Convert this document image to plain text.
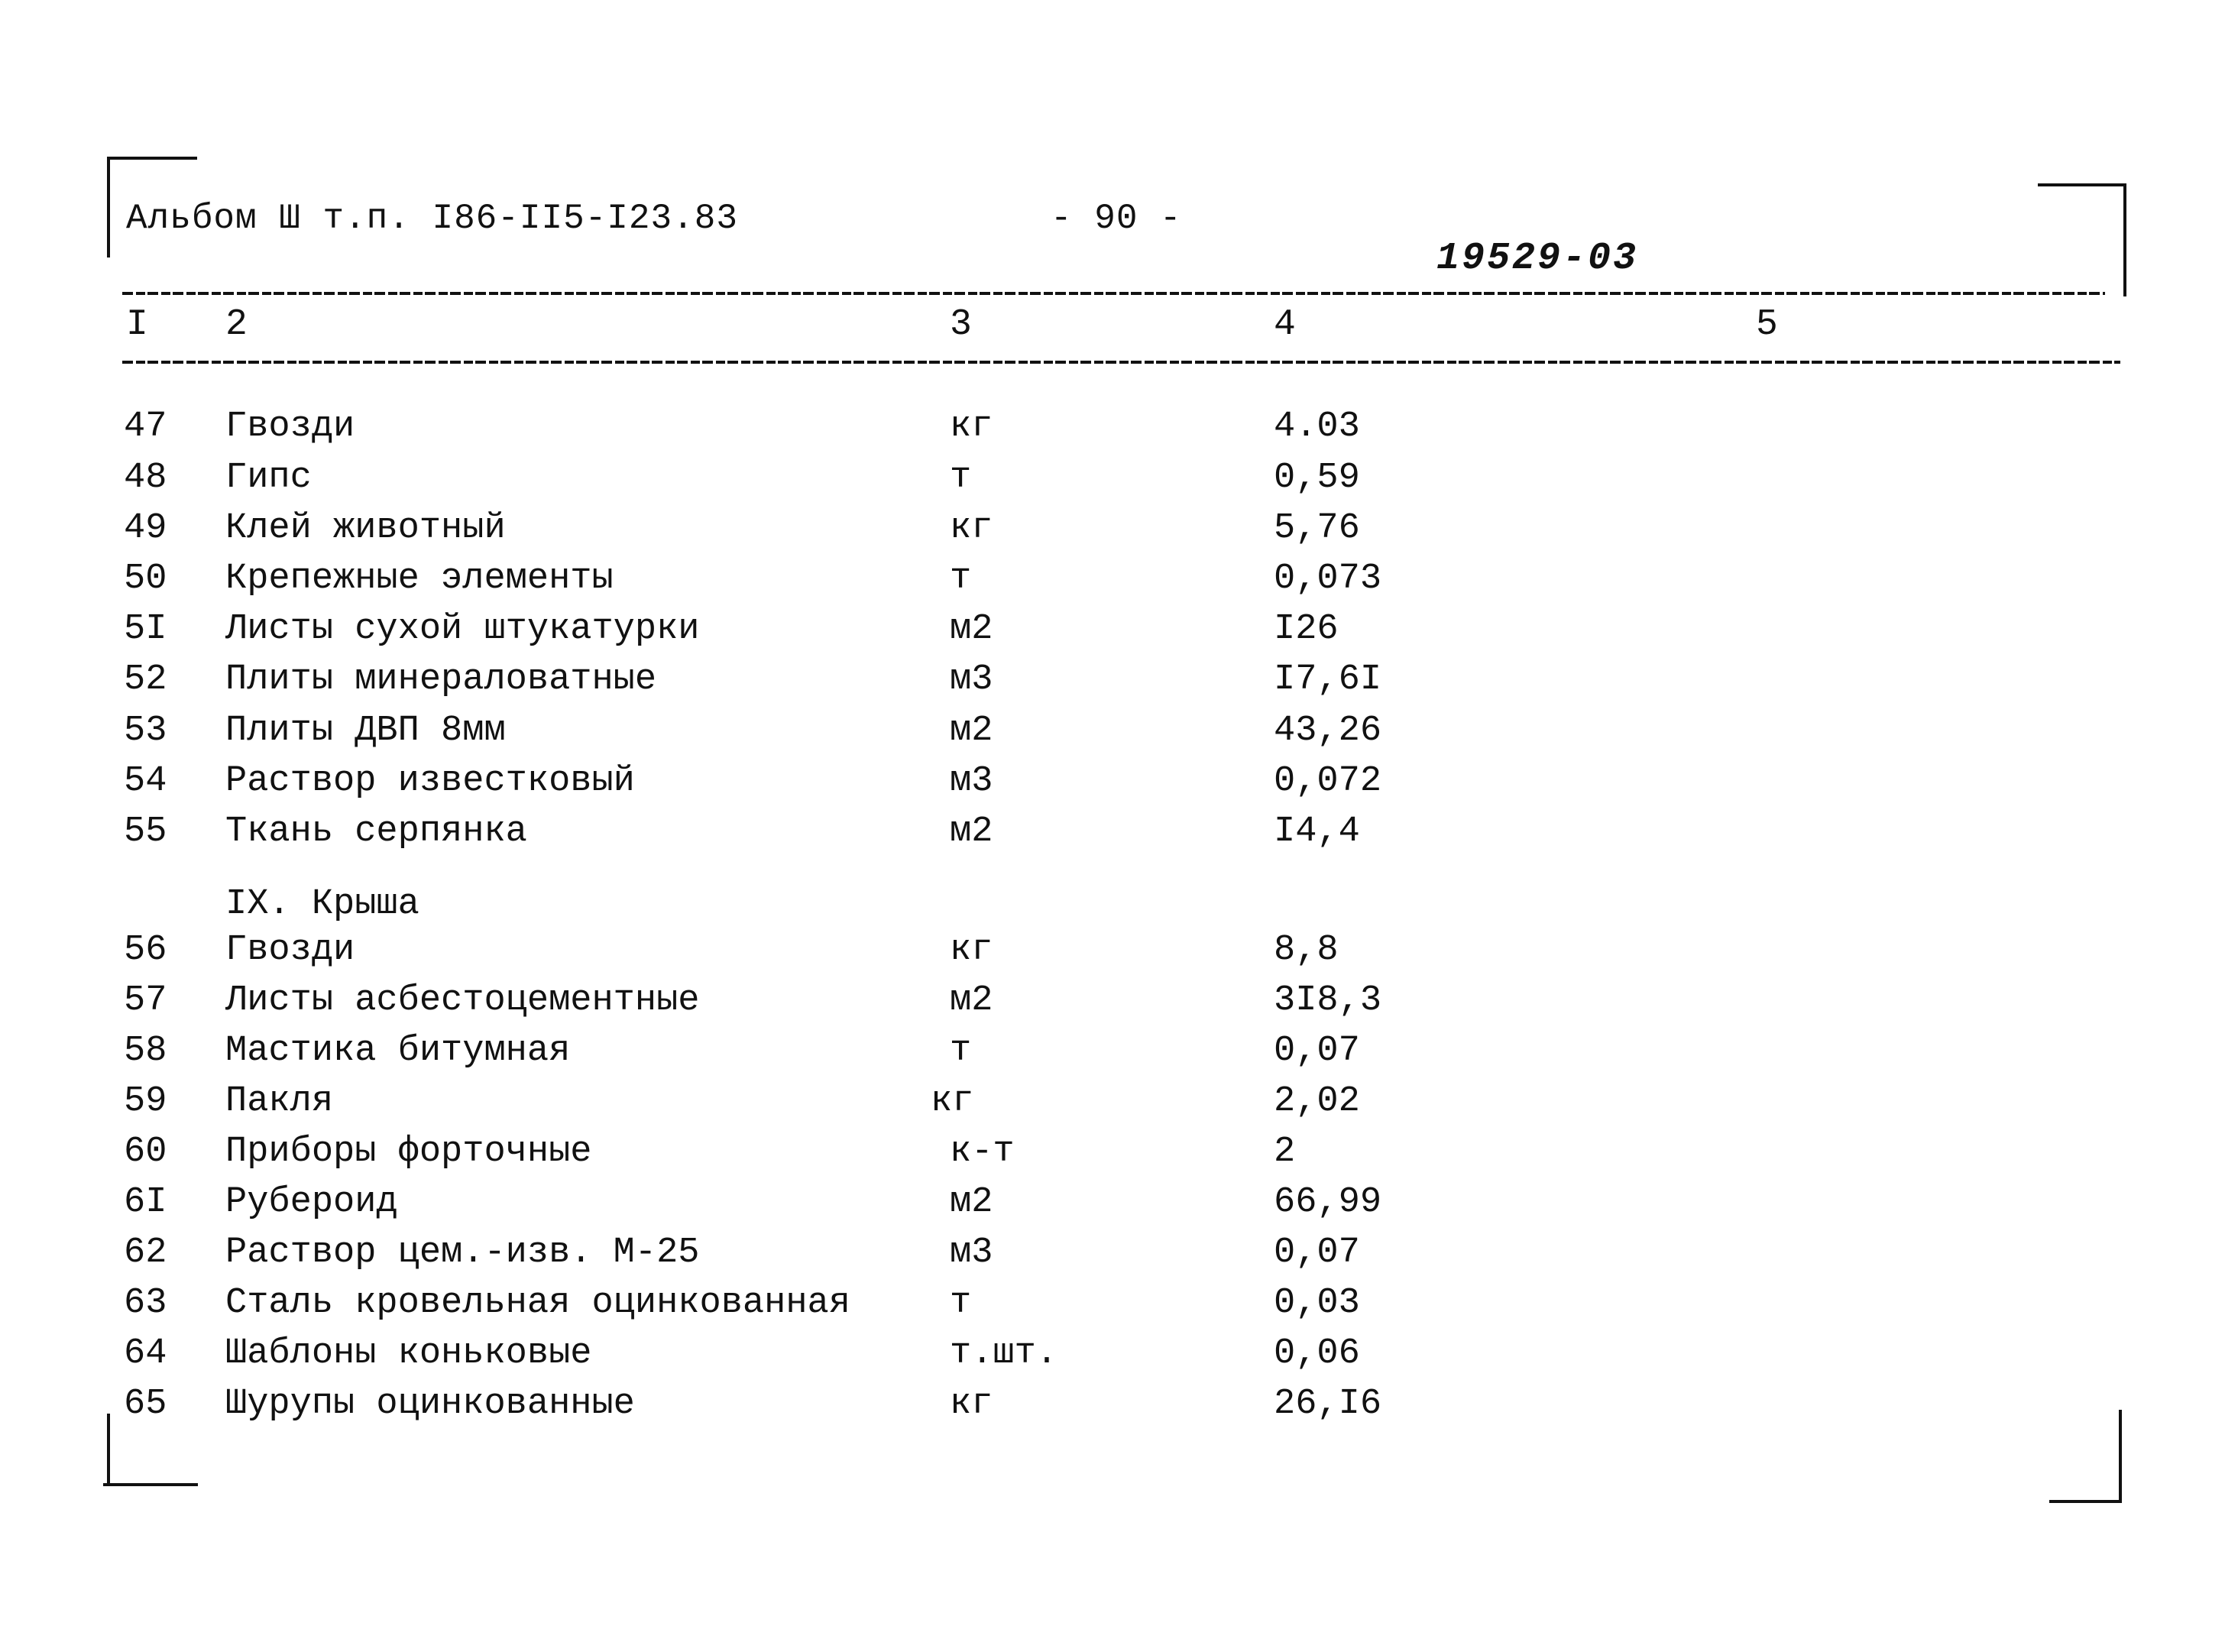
Альбом Ш т.п. I86-II5-I23.83	- 90 -
19529-03
I 2	3	4	5
47 Гвозди	кг	4.03
48 Гипс	т	0,59
49 Клей животный	кг	5,76
50 Крепежные элементы	т	0,073
5I Листы сухой штукатурки	м2	I26
52 Плиты минераловатные	м3	I7,6I
53 Плиты ДВП 8мм	м2	43,26
54 Раствор известковый	м3	0,072
55 Ткань серпянка	м2	I4,4
IX. Крыша
56 Гвозди	кг	8,8
57 Листы асбестоцементные	м2	3I8,3
58 Мастика битумная	т	0,07
59 Пакля	кг	2,02
60 Приборы форточные	к-т	2
6I Рубероид	м2	66,99
62 Раствор цем.-изв. М-25	м3	0,07
63 Сталь кровельная оцинкованная	т	0,03
64 Шаблоны коньковые	т.шт.	0,06
65 Шурупы оцинкованные	кг	26,I6
